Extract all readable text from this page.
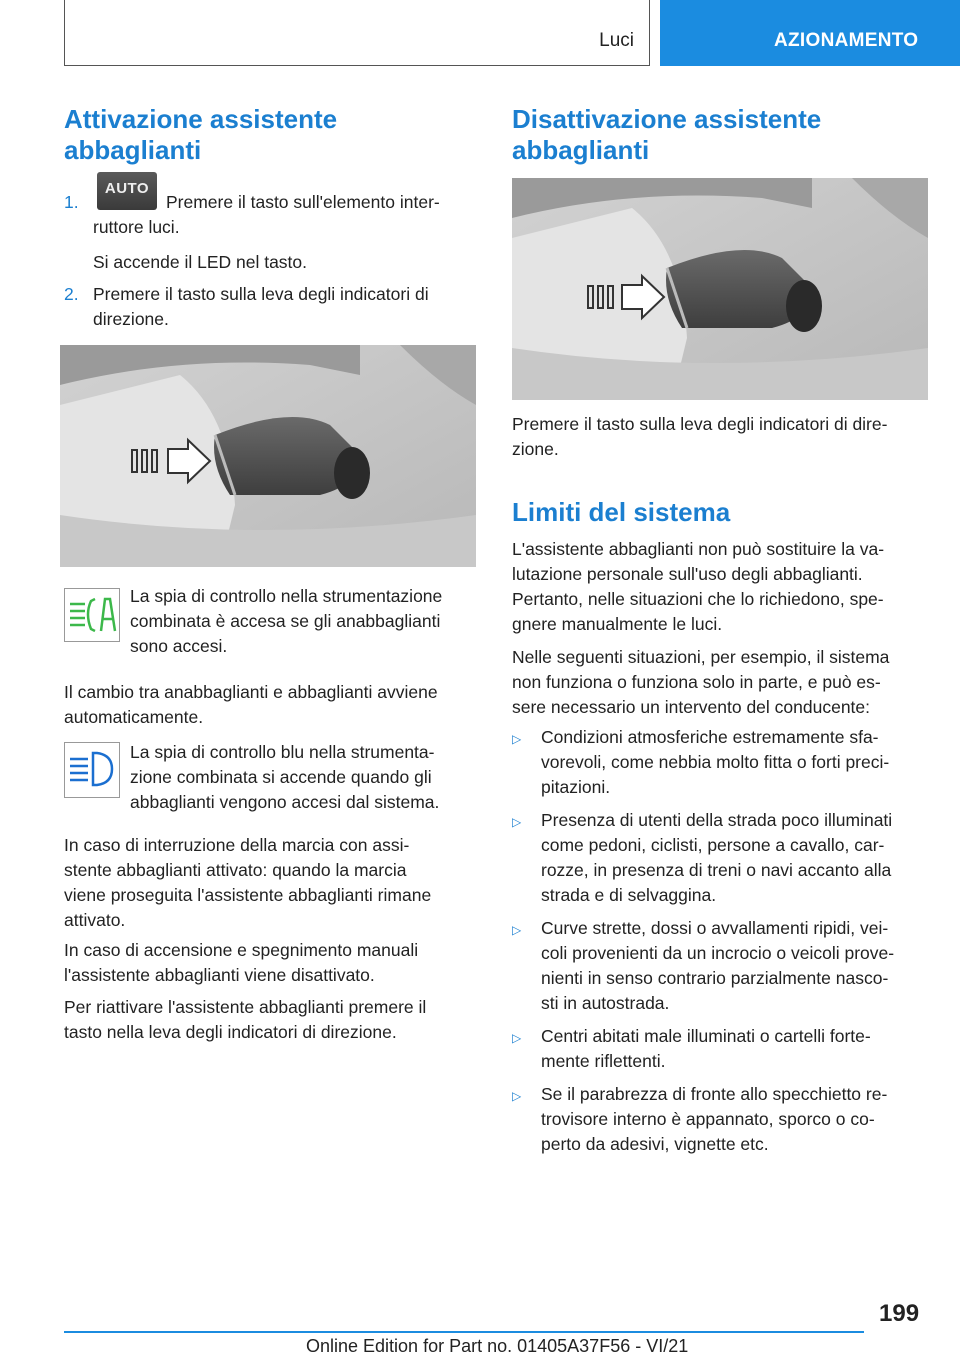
Luci	AZIONAMENTO
Attivazione assistente
abbaglianti
1.
AUTO
Premere il tasto sull'elemento inter-
ruttore luci.
Si accende il LED nel tasto.
2. Premere il tasto sulla leva degli indicatori di
direzione.
La spia di controllo nella strumentazione
combinata è accesa se gli anabbaglianti
sono accesi.
Il cambio tra anabbaglianti e abbaglianti avviene
automaticamente.
La spia di controllo blu nella strumenta-
zione combinata si accende quando gli
abbaglianti vengono accesi dal sistema.
In caso di interruzione della marcia con assi-
stente abbaglianti attivato: quando la marcia
viene proseguita l'assistente abbaglianti rimane
attivato.
In caso di accensione e spegnimento manuali
l'assistente abbaglianti viene disattivato.
Per riattivare l'assistente abbaglianti premere il
tasto nella leva degli indicatori di direzione.
Disattivazione assistente
abbaglianti
Premere il tasto sulla leva degli indicatori di dire-
zione.
Limiti del sistema
L'assistente abbaglianti non può sostituire la va-
lutazione personale sull'uso degli abbaglianti.
Pertanto, nelle situazioni che lo richiedono, spe-
gnere manualmente le luci.
Nelle seguenti situazioni, per esempio, il sistema
non funziona o funziona solo in parte, e può es-
sere necessario un intervento del conducente:
▷ Condizioni atmosferiche estremamente sfa-
vorevoli, come nebbia molto fitta o forti preci-
pitazioni.
▷ Presenza di utenti della strada poco illuminati
come pedoni, ciclisti, persone a cavallo, car-
rozze, in presenza di treni o navi accanto alla
strada e di selvaggina.
▷ Curve strette, dossi o avvallamenti ripidi, vei-
coli provenienti da un incrocio o veicoli prove-
nienti in senso contrario parzialmente nasco-
sti in autostrada.
▷ Centri abitati male illuminati o cartelli forte-
mente riflettenti.
▷ Se il parabrezza di fronte allo specchietto re-
trovisore interno è appannato, sporco o co-
perto da adesivi, vignette etc.
199
Online Edition for Part no. 01405A37F56 - VI/21
